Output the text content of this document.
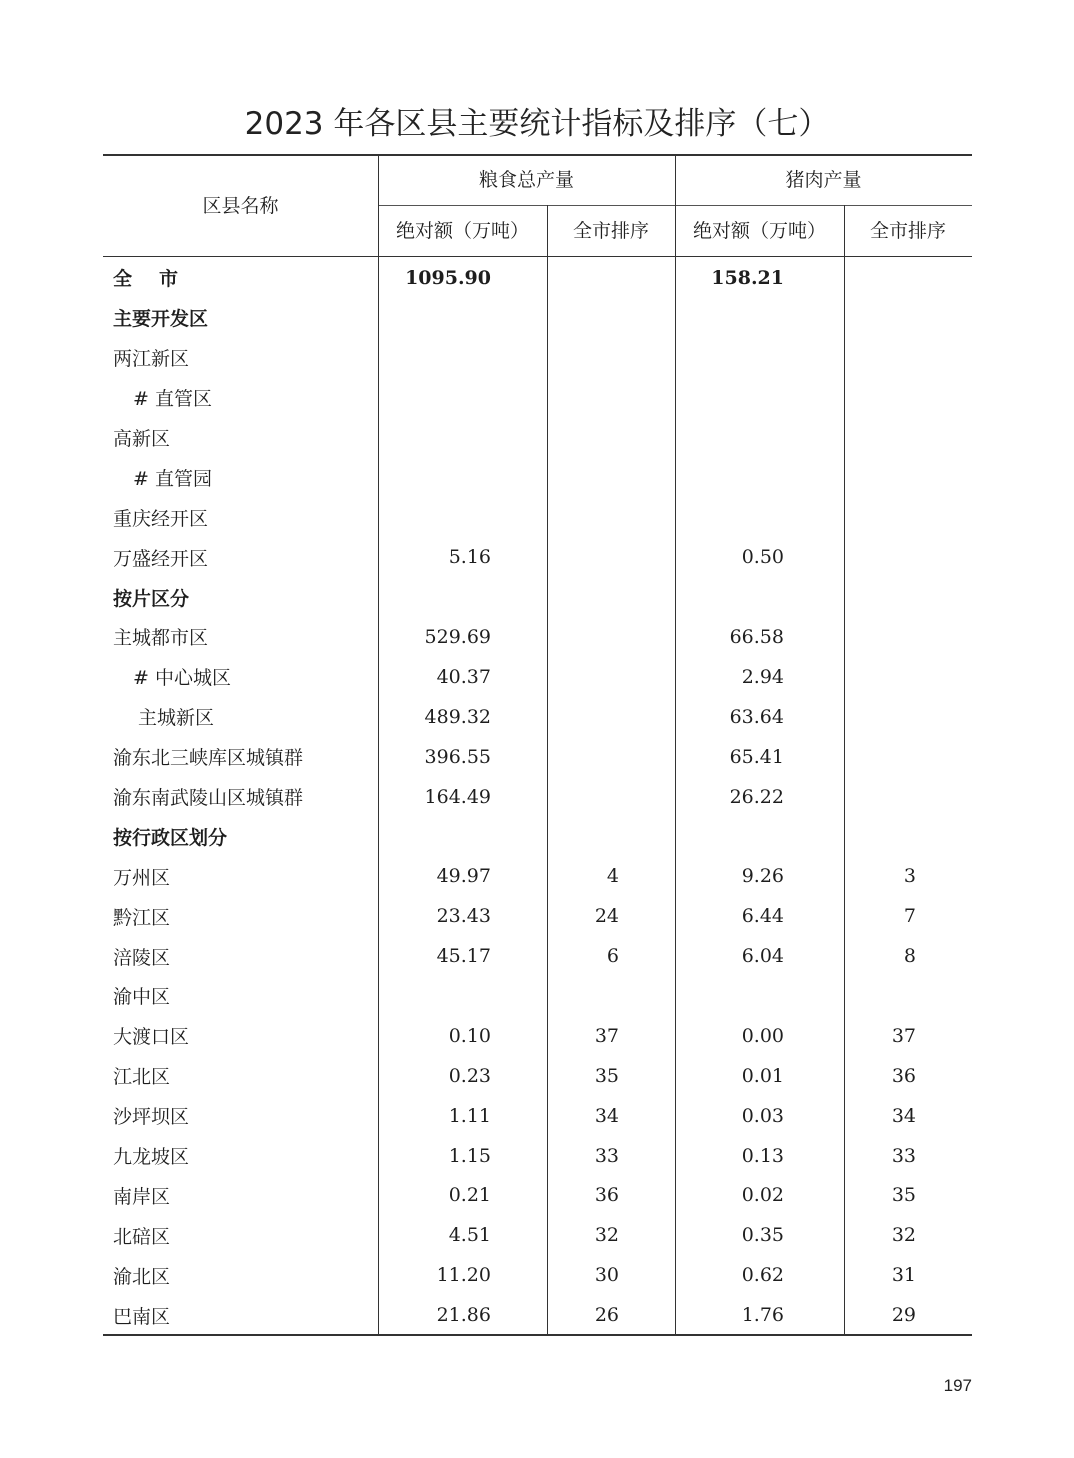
2023 年各区县主要统计指标及排序（七）
区县名称
粮食总产量	猪肉产量
绝对额（万吨）	全市排序	绝对额（万吨）	全市排序
全市	1095.90		158.21	
主要开发区				
两江新区				
# 直管区				
高新区				
# 直管园				
重庆经开区				
万盛经开区	5.16		0.50	
按片区分				
主城都市区	529.69		66.58	
# 中心城区	40.37		2.94	
主城新区	489.32		63.64	
渝东北三峡库区城镇群	396.55		65.41	
渝东南武陵山区城镇群	164.49		26.22	
按行政区划分				
万州区	49.97	4	9.26	3
黔江区	23.43	24	6.44	7
涪陵区	45.17	6	6.04	8
渝中区				
大渡口区	0.10	37	0.00	37
江北区	0.23	35	0.01	36
沙坪坝区	1.11	34	0.03	34
九龙坡区	1.15	33	0.13	33
南岸区	0.21	36	0.02	35
北碚区	4.51	32	0.35	32
渝北区	11.20	30	0.62	31
巴南区	21.86	26	1.76	29
197
